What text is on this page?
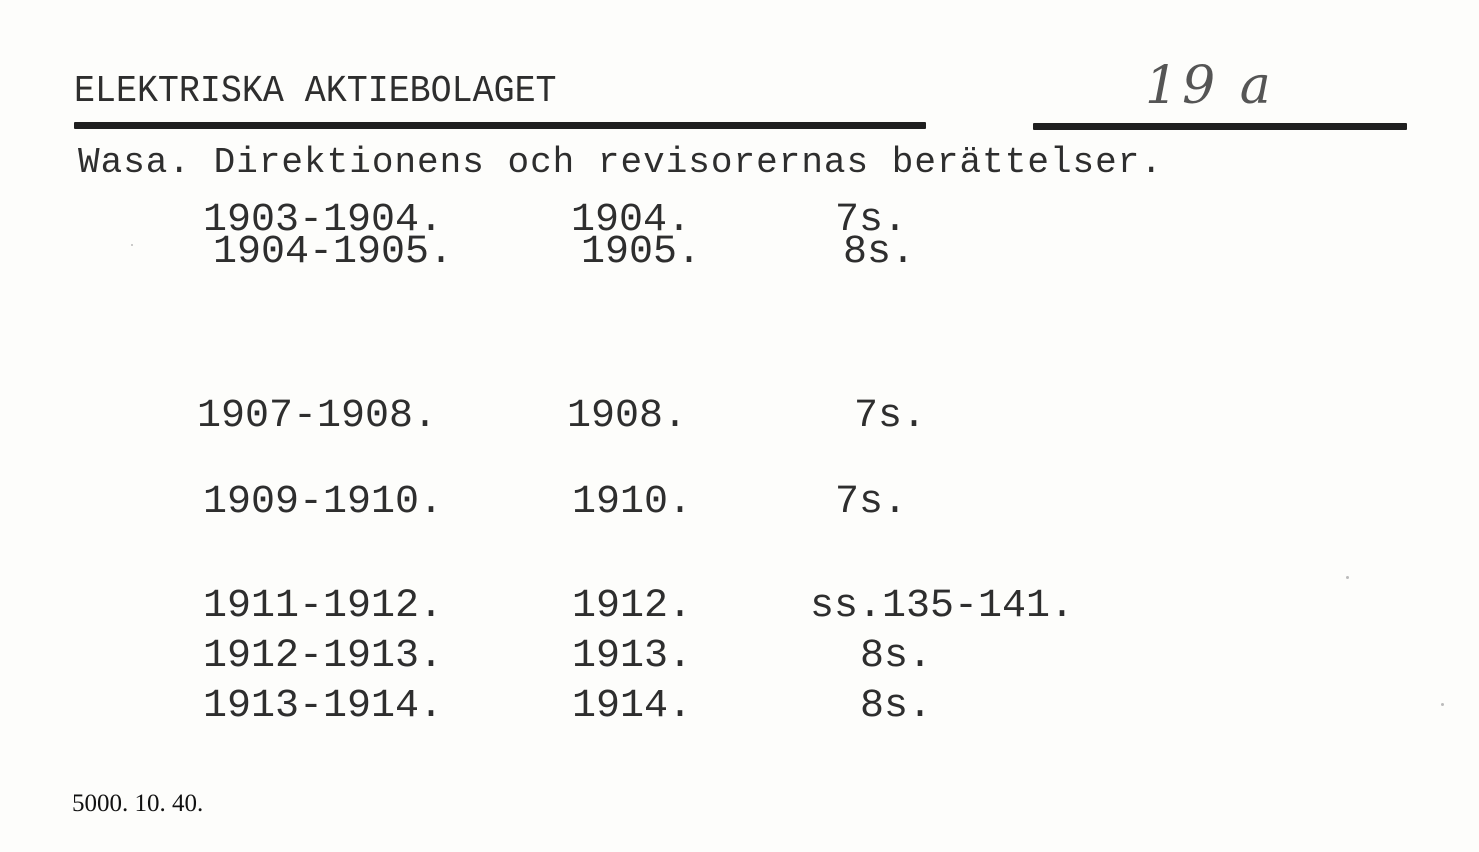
ELEKTRISKA AKTIEBOLAGET	19 a
Wasa. Direktionens och revisorernas berättelser.
1903-1904.	1904.	7s.
1904-1905.	1905.	8s.
1907-1908.	1908.	7s.
1909-1910.	1910.	7s.
1911-1912.	1912.	ss.135-141.
1912-1913.	1913.	8s.
1913-1914.	1914.	8s.
5000. 10. 40.
